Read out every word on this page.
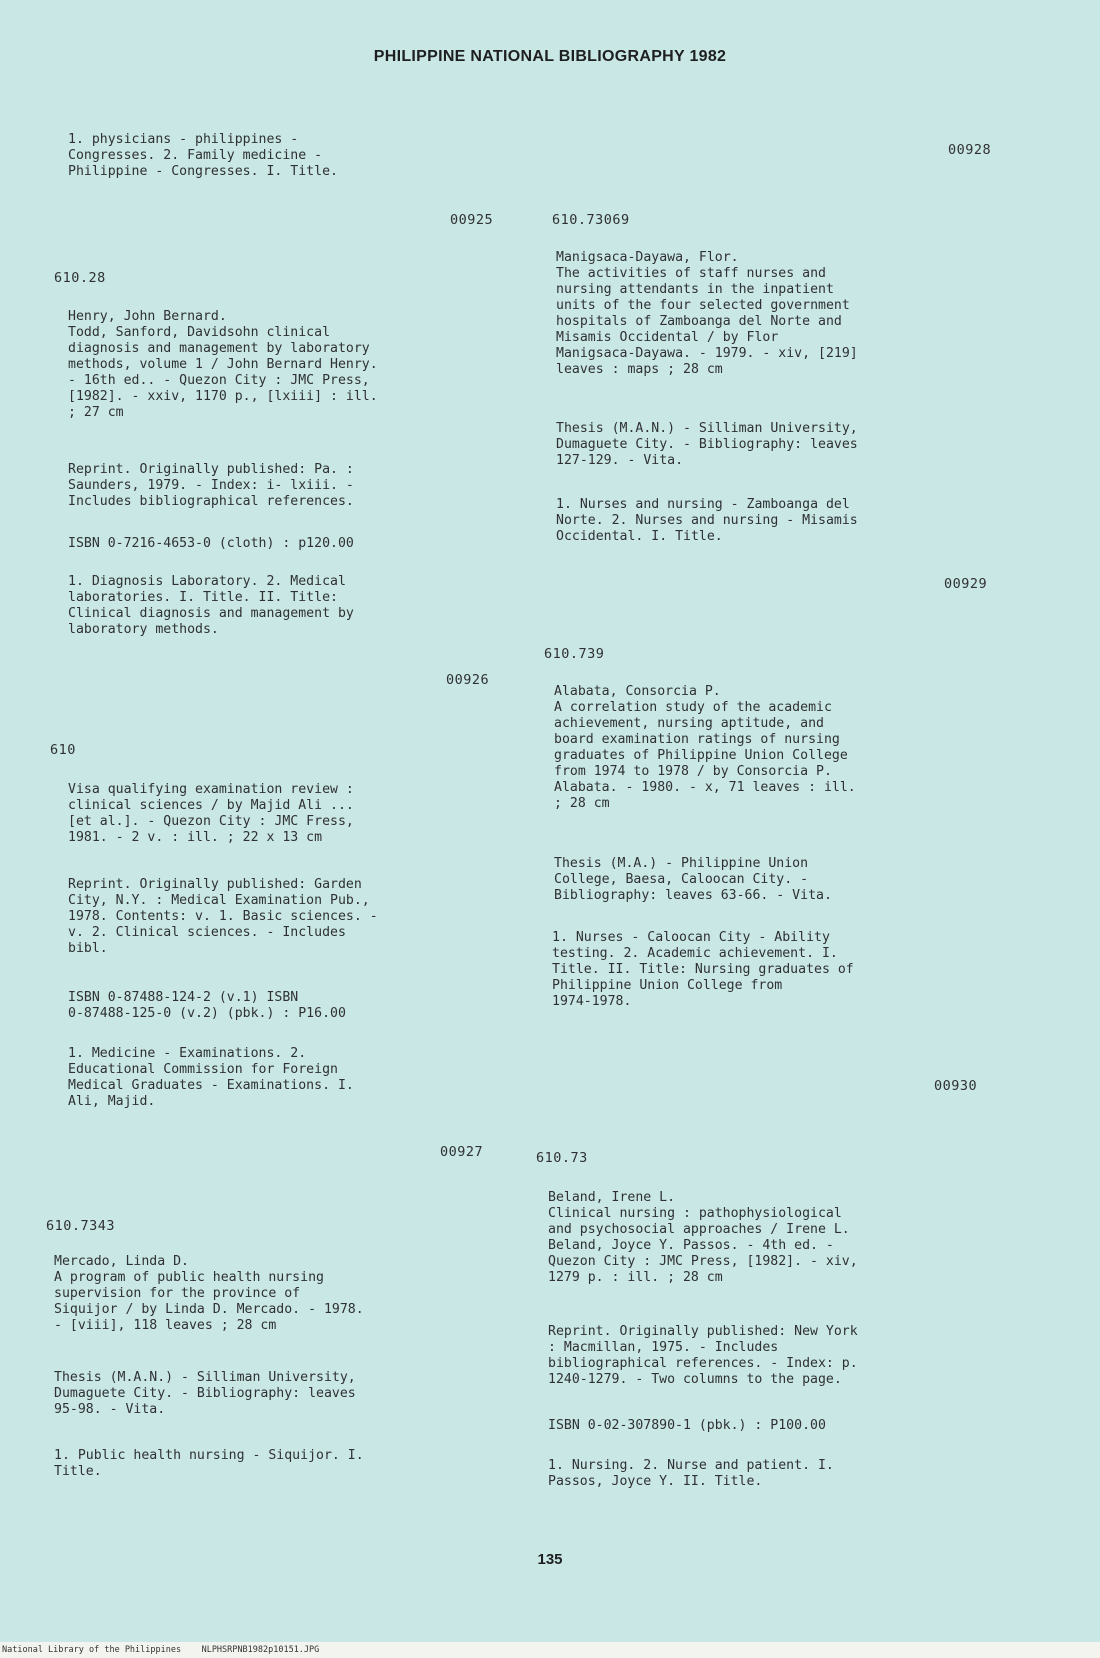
PHILIPPINE NATIONAL BIBLIOGRAPHY 1982
1. physicians - philippines -
Congresses. 2. Family medicine -
Philippine - Congresses. I. Title.
00925
610.28
Henry, John Bernard.
Todd, Sanford, Davidsohn clinical
diagnosis and management by laboratory
methods, volume 1 / John Bernard Henry.
- 16th ed.. - Quezon City : JMC Press,
[1982]. - xxiv, 1170 p., [lxiii] : ill.
; 27 cm
Reprint. Originally published: Pa. :
Saunders, 1979. - Index: i- lxiii. -
Includes bibliographical references.
ISBN 0-7216-4653-0 (cloth) : p120.00
1. Diagnosis Laboratory. 2. Medical
laboratories. I. Title. II. Title:
Clinical diagnosis and management by
laboratory methods.
00926
610
Visa qualifying examination review :
clinical sciences / by Majid Ali ...
[et al.]. - Quezon City : JMC Fress,
1981. - 2 v. : ill. ; 22 x 13 cm
Reprint. Originally published: Garden
City, N.Y. : Medical Examination Pub.,
1978. Contents: v. 1. Basic sciences. -
v. 2. Clinical sciences. - Includes
bibl.
ISBN 0-87488-124-2 (v.1) ISBN
0-87488-125-0 (v.2) (pbk.) : P16.00
1. Medicine - Examinations. 2.
Educational Commission for Foreign
Medical Graduates - Examinations. I.
Ali, Majid.
00927
610.7343
Mercado, Linda D.
A program of public health nursing
supervision for the province of
Siquijor / by Linda D. Mercado. - 1978.
- [viii], 118 leaves ; 28 cm
Thesis (M.A.N.) - Silliman University,
Dumaguete City. - Bibliography: leaves
95-98. - Vita.
1. Public health nursing - Siquijor. I.
Title.
00928
610.73069
Manigsaca-Dayawa, Flor.
The activities of staff nurses and
nursing attendants in the inpatient
units of the four selected government
hospitals of Zamboanga del Norte and
Misamis Occidental / by Flor
Manigsaca-Dayawa. - 1979. - xiv, [219]
leaves : maps ; 28 cm
Thesis (M.A.N.) - Silliman University,
Dumaguete City. - Bibliography: leaves
127-129. - Vita.
1. Nurses and nursing - Zamboanga del
Norte. 2. Nurses and nursing - Misamis
Occidental. I. Title.
00929
610.739
Alabata, Consorcia P.
A correlation study of the academic
achievement, nursing aptitude, and
board examination ratings of nursing
graduates of Philippine Union College
from 1974 to 1978 / by Consorcia P.
Alabata. - 1980. - x, 71 leaves : ill.
; 28 cm
Thesis (M.A.) - Philippine Union
College, Baesa, Caloocan City. -
Bibliography: leaves 63-66. - Vita.
1. Nurses - Caloocan City - Ability
testing. 2. Academic achievement. I.
Title. II. Title: Nursing graduates of
Philippine Union College from
1974-1978.
00930
610.73
Beland, Irene L.
Clinical nursing : pathophysiological
and psychosocial approaches / Irene L.
Beland, Joyce Y. Passos. - 4th ed. -
Quezon City : JMC Press, [1982]. - xiv,
1279 p. : ill. ; 28 cm
Reprint. Originally published: New York
: Macmillan, 1975. - Includes
bibliographical references. - Index: p.
1240-1279. - Two columns to the page.
ISBN 0-02-307890-1 (pbk.) : P100.00
1. Nursing. 2. Nurse and patient. I.
Passos, Joyce Y. II. Title.
135
National Library of the Philippines    NLPHSRPNB1982p10151.JPG
